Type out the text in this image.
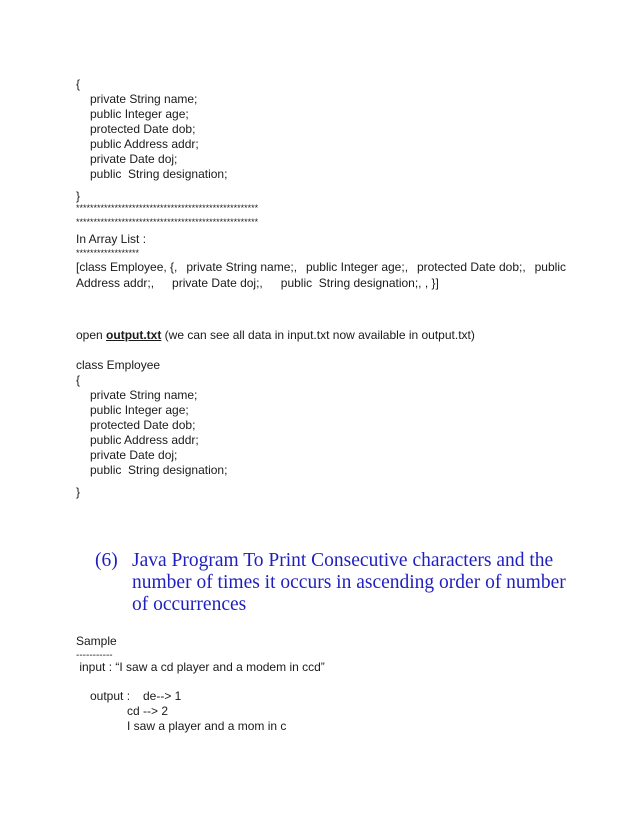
{
private String name;
public Integer age;
protected Date dob;
public Address addr;
private Date doj;
public  String designation;
}
****************************************************
****************************************************
In Array List :
******************
[class Employee, {, private String name;, public Integer age;, protected Date dob;, public
Address addr;, private Date doj;, public  String designation;, , }]
open output.txt (we can see all data in input.txt now available in output.txt)
class Employee
{
private String name;
public Integer age;
protected Date dob;
public Address addr;
private Date doj;
public  String designation;
}
(6) Java Program To Print Consecutive characters and the
number of times it occurs in ascending order of number
of occurrences
Sample
-----------
input : “I saw a cd player and a modem in ccd”
output : de--> 1
cd --> 2
I saw a player and a mom in c
